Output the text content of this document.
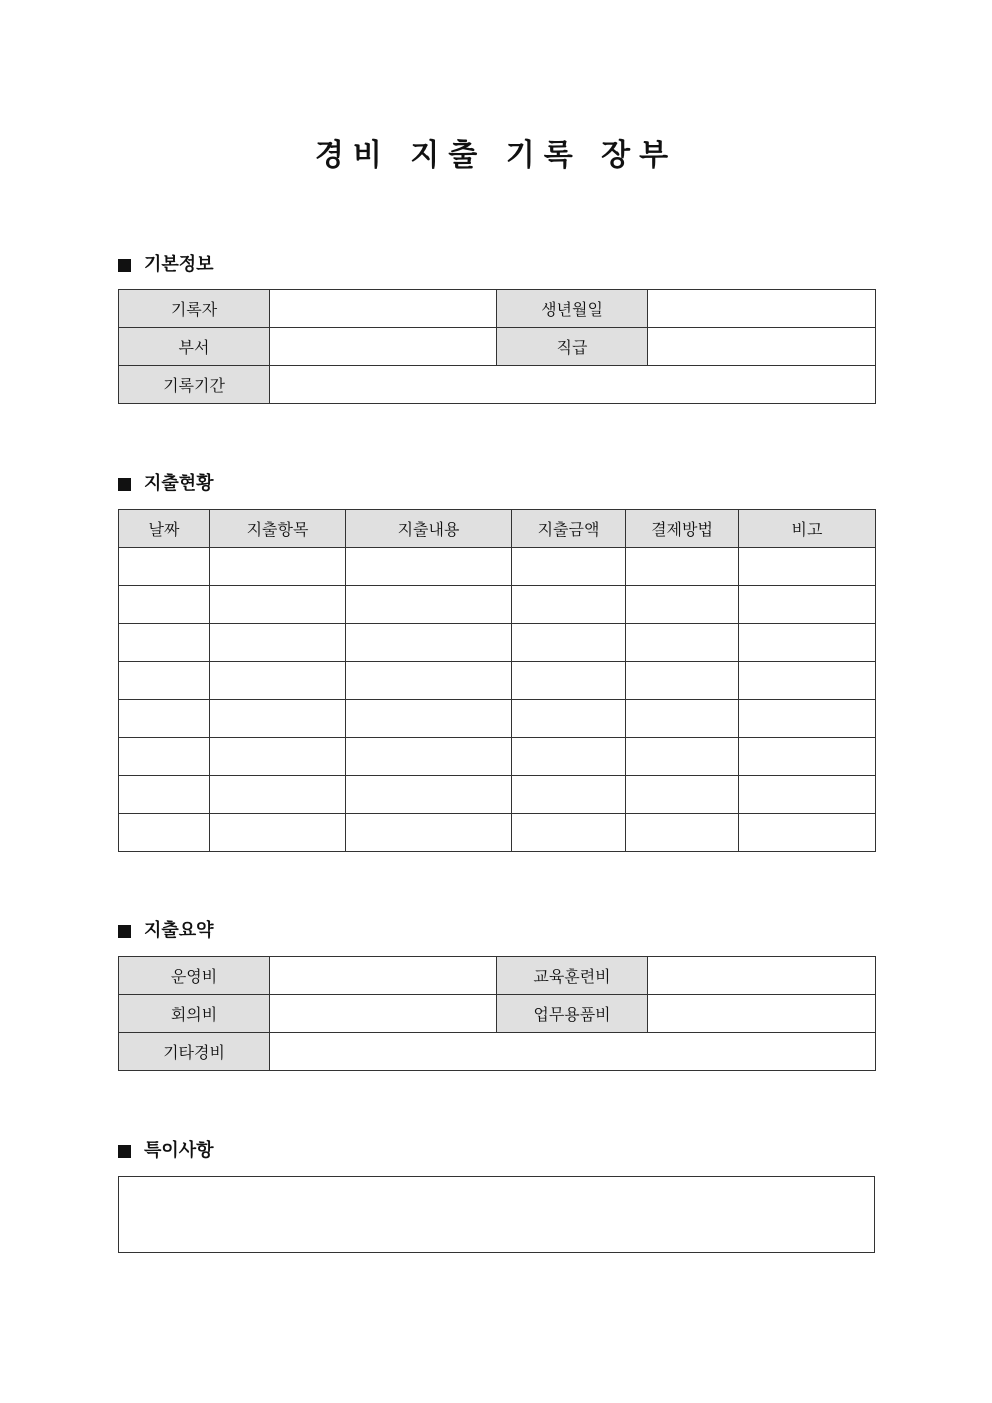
경비 지출 기록 장부
기본정보
기록자		생년월일	
부서		직급	
기록기간			
지출현황
날짜	지출항목	지출내용	지출금액	결제방법	비고

지출요약
운영비		교육훈련비	
회의비		업무용품비	
기타경비			
특이사항
